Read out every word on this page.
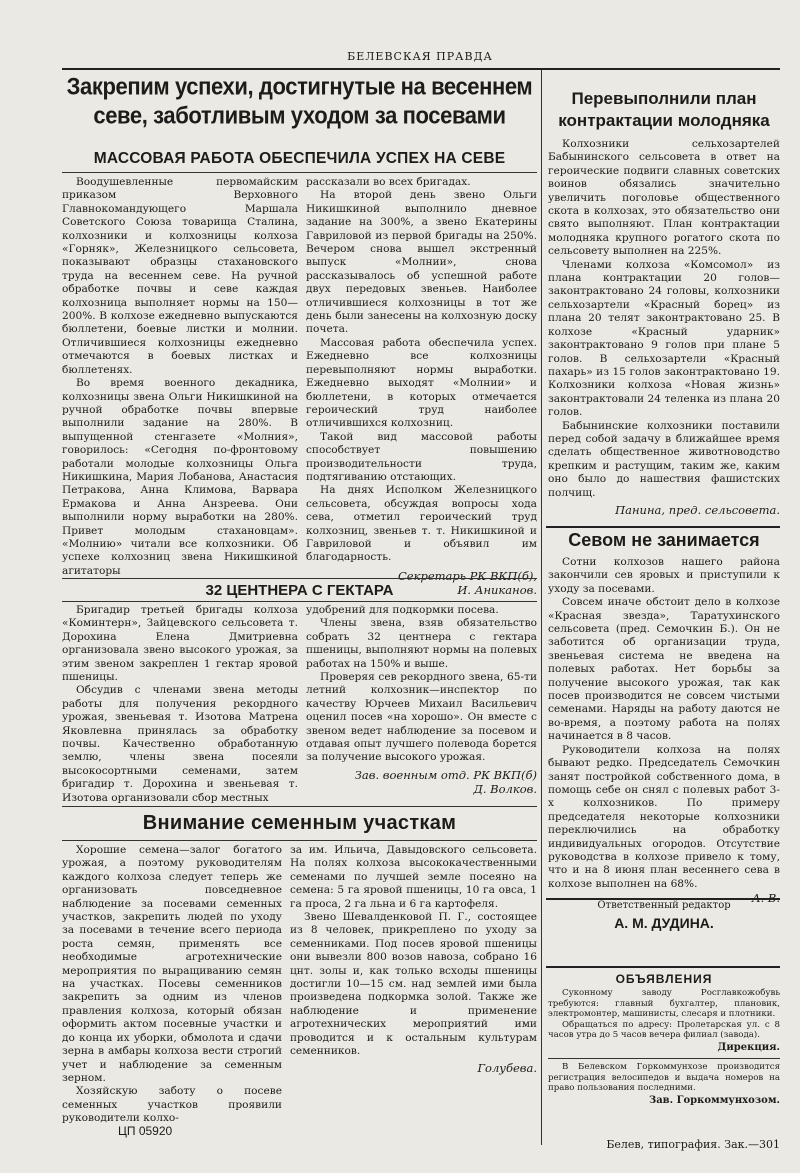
БЕЛЕВСКАЯ ПРАВДА
Закрепим успехи, достигнутые на весеннем севе, заботливым уходом за посевами
МАССОВАЯ РАБОТА ОБЕСПЕЧИЛА УСПЕХ НА СЕВЕ

Воодушевленные первомайским приказом Верховного Главнокомандующего Маршала Советского Союза товарища Сталина, колхозники и колхозницы колхоза «Горняк», Железницкого сельсовета, показывают образцы стахановского труда на весеннем севе. На ручной обработке почвы и севе каждая колхозница выполняет нормы на 150—200%. В колхозе ежедневно выпускаются бюллетени, боевые листки и молнии. Отличившиеся колхозницы ежедневно отмечаются в боевых листках и бюллетенях.

Во время военного декадника, колхозницы звена Ольги Никишкиной на ручной обработке почвы впервые выполнили задание на 280%. В выпущенной стенгазете «Молния», говорилось: «Сегодня по-фронтовому работали молодые колхозницы Ольга Никишкина, Мария Лобанова, Анастасия Петракова, Анна Климова, Варвара Ермакова и Анна Анзреева. Они выполнили норму выработки на 280%. Привет молодым стахановцам». «Молнию» читали все колхозники. Об успехе колхозниц звена Никишкиной агитаторы

рассказали во всех бригадах.

На второй день звено Ольги Никишкиной выполнило дневное задание на 300%, а звено Екатерины Гавриловой из первой бригады на 250%. Вечером снова вышел экстренный выпуск «Молнии», снова рассказывалось об успешной работе двух передовых звеньев. Наиболее отличившиеся колхозницы в тот же день были занесены на колхозную доску почета.

Массовая работа обеспечила успех. Ежедневно все колхозницы перевыполняют нормы выработки. Ежедневно выходят «Молнии» и бюллетени, в которых отмечается героический труд наиболее отличившихся колхозниц.

Такой вид массовой работы способствует повышению производительности труда, подтягиванию отстающих.

На днях Исполком Железницкого сельсовета, обсуждая вопросы хода сева, отметил героический труд колхозниц, звеньев т. т. Никишкиной и Гавриловой и объявил им благодарность.

Секретарь РК ВКП(б),
И. Аниканов.
32 ЦЕНТНЕРА С ГЕКТАРА

Бригадир третьей бригады колхоза «Коминтерн», Зайцевского сельсовета т. Дорохина Елена Дмитриевна организовала звено высокого урожая, за этим звеном закреплен 1 гектар яровой пшеницы.

Обсудив с членами звена методы работы для получения рекордного урожая, звеньевая т. Изотова Матрена Яковлевна принялась за обработку почвы. Качественно обработанную землю, члены звена посеяли высокосортными семенами, затем бригадир т. Дорохина и звеньевая т. Изотова организовали сбор местных

удобрений для подкормки посева.

Члены звена, взяв обязательство собрать 32 центнера с гектара пшеницы, выполняют нормы на полевых работах на 150% и выше.

Проверяя сев рекордного звена, 65-ти летний колхозник—инспектор по качеству Юрчеев Михаил Васильевич оценил посев «на хорошо». Он вместе с звеном ведет наблюдение за посевом и отдавая опыт лучшего полевода борется за получение высокого урожая.

Зав. военным отд. РК ВКП(б)
Д. Волков.
Внимание семенным участкам

Хорошие семена—залог богатого урожая, а поэтому руководителям каждого колхоза следует теперь же организовать повседневное наблюдение за посевами семенных участков, закрепить людей по уходу за посевами в течение всего периода роста семян, применять все необходимые агротехнические мероприятия по выращиванию семян на участках. Посевы семенников закрепить за одним из членов правления колхоза, который обязан оформить актом посевные участки и до конца их уборки, обмолота и сдачи зерна в амбары колхоза вести строгий учет и наблюдение за семенным зерном.

Хозяйскую заботу о посеве семенных участков проявили руководители колхо-

за им. Ильича, Давыдовского сельсовета. На полях колхоза высококачественными семенами по лучшей земле посеяно на семена: 5 га яровой пшеницы, 10 га овса, 1 га проса, 2 га льна и 6 га картофеля.

Звено Шевалденковой П. Г., состоящее из 8 человек, прикреплено по уходу за семенниками. Под посев яровой пшеницы они вывезли 800 возов навоза, собрано 16 цнт. золы и, как только всходы пшеницы достигли 10—15 см. над землей ими была произведена подкормка золой. Также же наблюдение и применение агротехнических мероприятий ими проводится и к остальным культурам семенников.

Голубева.
Перевыполнили план контрактации молодняка

Колхозники сельхозартелей Бабынинского сельсовета в ответ на героические подвиги славных советских воинов обязались значительно увеличить поголовье общественного скота в колхозах, это обязательство они свято выполняют. План контрактации молодняка крупного рогатого скота по сельсовету выполнен на 225%.

Членами колхоза «Комсомол» из плана контрактации 20 голов—законтрактовано 24 головы, колхозники сельхозартели «Красный борец» из плана 20 телят законтрактовано 25. В колхозе «Красный ударник» законтрактовано 9 голов при плане 5 голов. В сельхозартели «Красный пахарь» из 15 голов законтрактовано 19. Колхозники колхоза «Новая жизнь» законтрактовали 24 теленка из плана 20 голов.

Бабынинские колхозники поставили перед собой задачу в ближайшее время сделать общественное животноводство крепким и растущим, таким же, каким оно было до нашествия фашистских полчищ.

Панина, пред. сельсовета.
Севом не занимается

Сотни колхозов нашего района закончили сев яровых и приступили к уходу за посевами.

Совсем иначе обстоит дело в колхозе «Красная звезда», Таратухинского сельсовета (пред. Семочкин Б.). Он не заботится об организации труда, звеньевая система не введена на полевых работах. Нет борьбы за получение высокого урожая, так как посев производится не совсем чистыми семенами. Наряды на работу даются не во-время, а поэтому работа на полях начинается в 8 часов.

Руководители колхоза на полях бывают редко. Председатель Семочкин занят постройкой собственного дома, в помощь себе он снял с полевых работ 3-х колхозников. По примеру председателя некоторые колхозники переключились на обработку индивидуальных огородов. Отсутствие руководства в колхозе привело к тому, что и на 8 июня план весеннего сева в колхозе выполнен на 68%.

А. В.
Ответственный редактор
А. М. ДУДИНА.
ОБЪЯВЛЕНИЯ

Суконному заводу Росглавкожобувь требуются: главный бухгалтер, плановик, электромонтер, машинисты, слесаря и плотники.

Обращаться по адресу: Пролетарская ул. с 8 часов утра до 5 часов вечера филиал (завода).

Дирекция.

В Белевском Горкоммунхозе производится регистрация велосипедов и выдача номеров на право пользования последними.

Зав. Горкоммунхозом.
ЦП 05920
Белев, типография. Зак.—301
